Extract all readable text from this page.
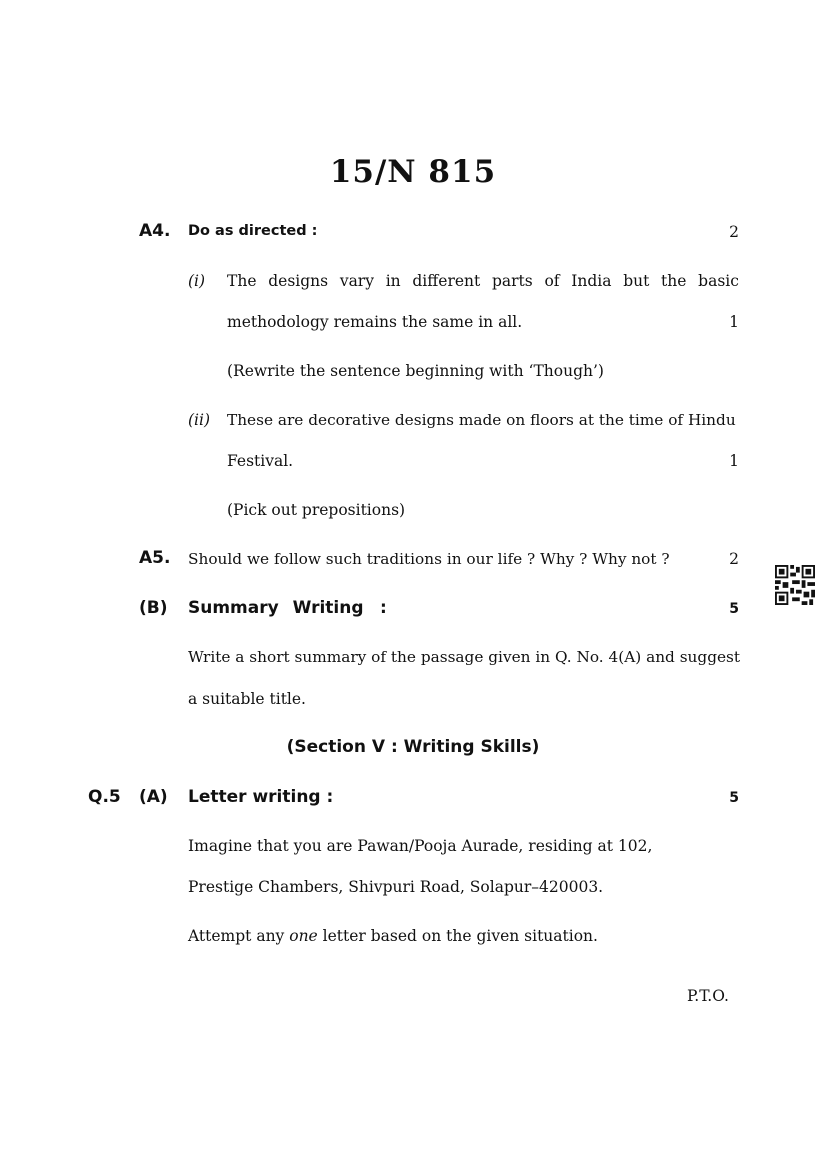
15/N 815
A4. Do as directed :	2
(i) The designs vary in different parts of India but the basic
methodology remains the same in all.	1
(Rewrite the sentence beginning with ‘Though’)
(ii) These are decorative designs made on floors at the time of Hindu
Festival.	1
(Pick out prepositions)
A5. Should we follow such traditions in our life ? Why ? Why not ?	2
(B) Summary Writing :	5
Write a short summary of the passage given in Q. No. 4(A) and suggest
a suitable title.
(Section V : Writing Skills)
Q.5 (A) Letter writing :	5
Imagine that you are Pawan/Pooja Aurade, residing at 102,
Prestige Chambers, Shivpuri Road, Solapur–420003.
Attempt any one letter based on the given situation.
P.T.O.
